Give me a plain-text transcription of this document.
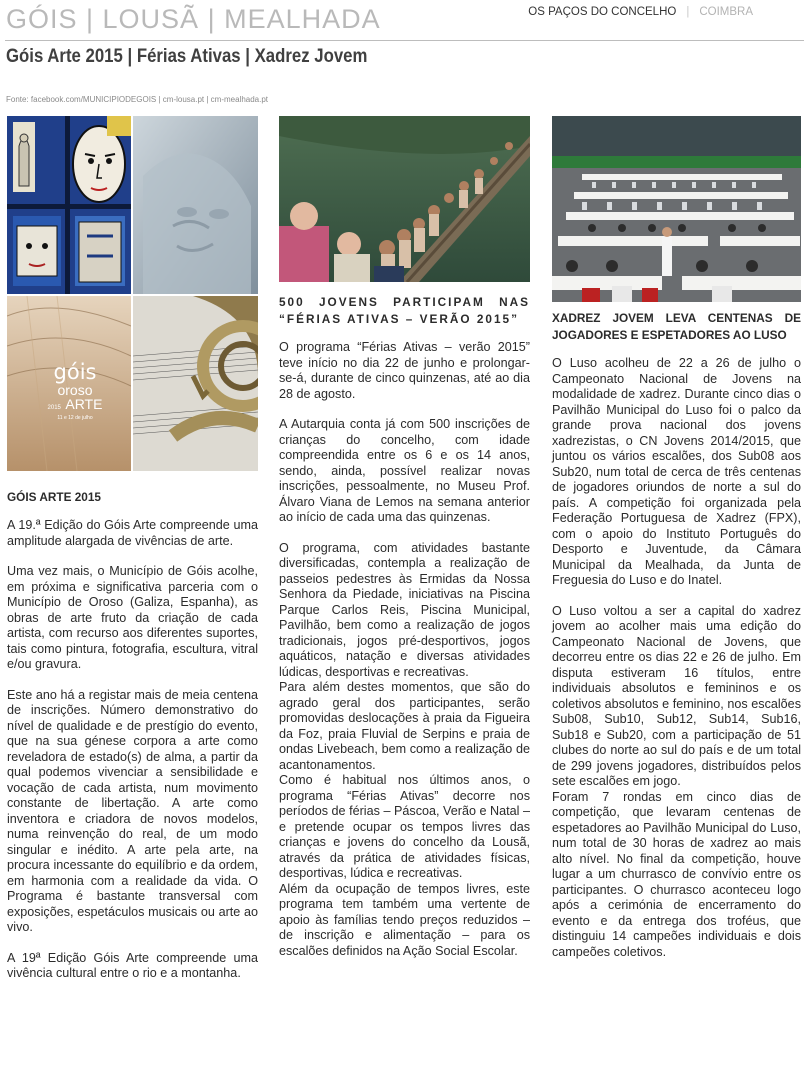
GÓIS | LOUSÃ | MEALHADA	OS PAÇOS DO CONCELHO | COIMBRA
Góis Arte 2015 | Férias Ativas | Xadrez Jovem
Fonte: facebook.com/MUNICIPIODEGOIS | cm-lousa.pt | cm-mealhada.pt
góis
oroso
2015 ARTE
11 e 12 de julho
GÓIS ARTE 2015

A 19.ª Edição do Góis Arte compreende uma amplitude alargada de vivências de arte.

Uma vez mais, o Município de Góis acolhe, em próxima e significativa parceria com o Município de Oroso (Galiza, Espanha), as obras de arte fruto da criação de cada artista, com recurso aos diferentes suportes, tais como pintura, fotografia, escultura, vitral e/ou gravura.

Este ano há a registar mais de meia centena de inscrições. Número demonstrativo do nível de qualidade e de prestígio do evento, que na sua génese corpora a arte como reveladora de estado(s) de alma, a partir da qual podemos vivenciar a sensibilidade e vocação de cada artista, num movimento constante de libertação. A arte como inventora e criadora de novos modelos, numa reinvenção do real, de um modo singular e inédito. A arte pela arte, na procura incessante do equilíbrio e da ordem, em harmonia com a realidade da vida. O Programa é bastante transversal com exposições, espetáculos musicais ou arte ao vivo.

A 19ª Edição Góis Arte compreende uma vivência cultural entre o rio e a montanha.

500 JOVENS PARTICIPAM NAS “FÉRIAS ATIVAS – VERÃO 2015”

O programa “Férias Ativas – verão 2015” teve início no dia 22 de junho e prolongar-se-á, durante de cinco quinzenas, até ao dia 28 de agosto.

A Autarquia conta já com 500 inscrições de crianças do concelho, com idade compreendida entre os 6 e os 14 anos, sendo, ainda, possível realizar novas inscrições, pessoalmente, no Museu Prof. Álvaro Viana de Lemos na semana anterior ao início de cada uma das quinzenas.

O programa, com atividades bastante diversificadas, contempla a realização de passeios pedestres às Ermidas da Nossa Senhora da Piedade, iniciativas na Piscina Parque Carlos Reis, Piscina Municipal, Pavilhão, bem como a realização de jogos tradicionais, jogos pré-desportivos, jogos aquáticos, natação e diversas atividades lúdicas, desportivas e recreativas.

Para além destes momentos, que são do agrado geral dos participantes, serão promovidas deslocações à praia da Figueira da Foz, praia Fluvial de Serpins e praia de ondas Livebeach, bem como a realização de acantonamentos.

Como é habitual nos últimos anos, o programa “Férias Ativas” decorre nos períodos de férias – Páscoa, Verão e Natal – e pretende ocupar os tempos livres das crianças e jovens do concelho da Lousã, através da prática de atividades físicas, desportivas, lúdica e recreativas.

Além da ocupação de tempos livres, este programa tem também uma vertente de apoio às famílias tendo preços reduzidos – de inscrição e alimentação – para os escalões definidos na Ação Social Escolar.

XADREZ JOVEM LEVA CENTENAS DE JOGADORES E ESPETADORES AO LUSO

O Luso acolheu de 22 a 26 de julho o Campeonato Nacional de Jovens na modalidade de xadrez. Durante cinco dias o Pavilhão Municipal do Luso foi o palco da grande prova nacional dos jovens xadrezistas, o CN Jovens 2014/2015, que juntou os vários escalões, dos Sub08 aos Sub20, num total de cerca de três centenas de jogadores oriundos de norte a sul do país. A competição foi organizada pela Federação Portuguesa de Xadrez (FPX), com o apoio do Instituto Português do Desporto e Juventude, da Câmara Municipal da Mealhada, da Junta de Freguesia do Luso e do Inatel.

O Luso voltou a ser a capital do xadrez jovem ao acolher mais uma edição do Campeonato Nacional de Jovens, que decorreu entre os dias 22 e 26 de julho. Em disputa estiveram 16 títulos, entre individuais absolutos e femininos e os coletivos absolutos e feminino, nos escalões Sub08, Sub10, Sub12, Sub14, Sub16, Sub18 e Sub20, com a participação de 51 clubes do norte ao sul do país e de um total de 299 jovens jogadores, distribuídos pelos sete escalões em jogo.

Foram 7 rondas em cinco dias de competição, que levaram centenas de espetadores ao Pavilhão Municipal do Luso, num total de 30 horas de xadrez ao mais alto nível. No final da competição, houve lugar a um churrasco de convívio entre os participantes. O churrasco aconteceu logo após a cerimónia de encerramento do evento e da entrega dos troféus, que distinguiu 14 campeões individuais e dois campeões coletivos.
